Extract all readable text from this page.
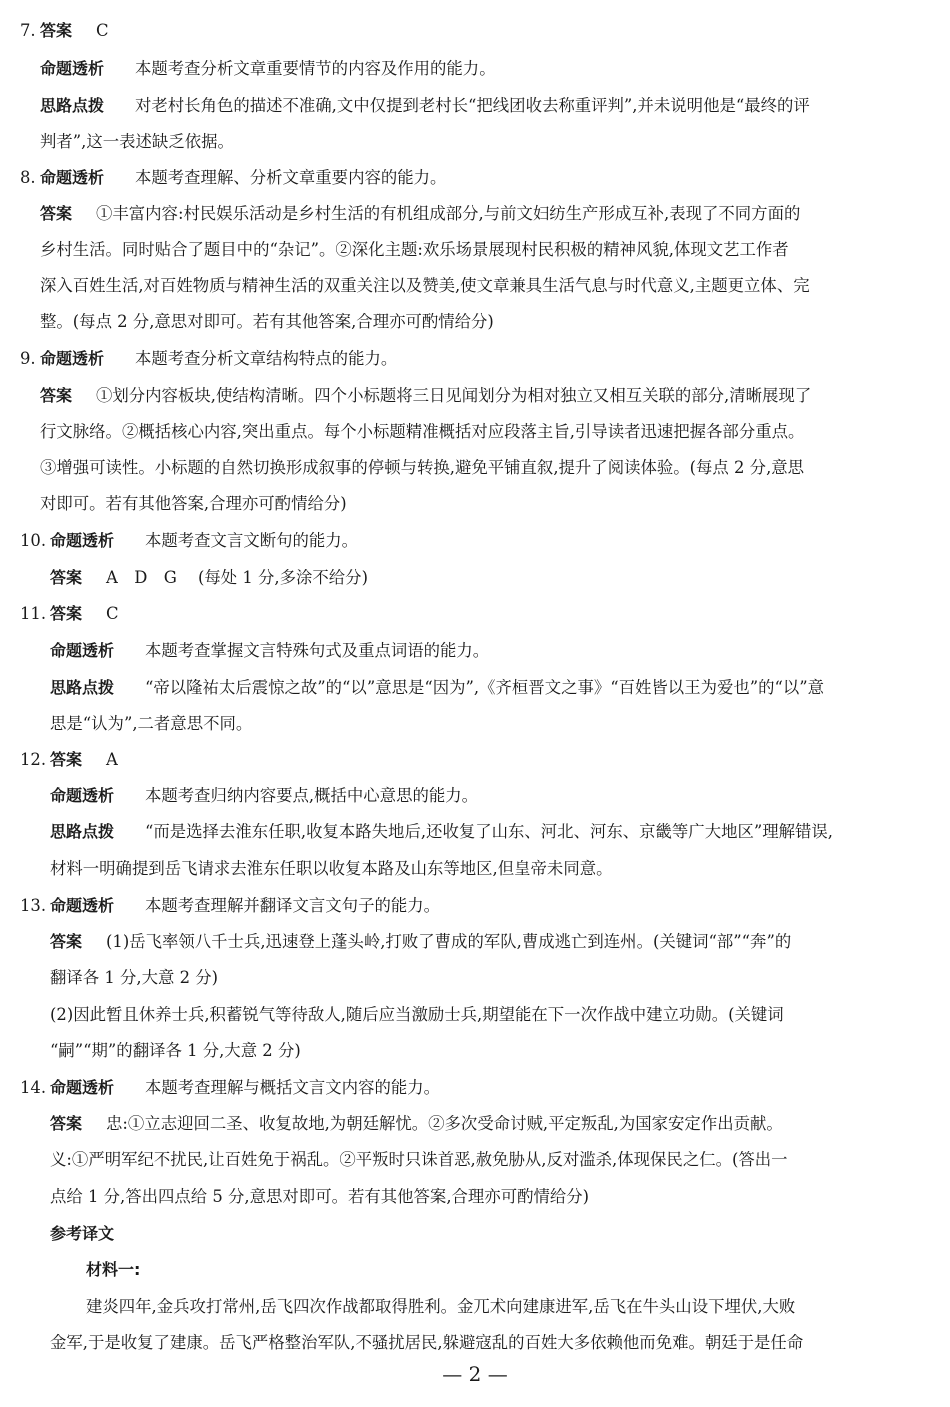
7. 答案 C
命题透析 本题考查分析文章重要情节的内容及作用的能力。
思路点拨 对老村长角色的描述不准确,文中仅提到老村长“把线团收去称重评判”,并未说明他是“最终的评
判者”,这一表述缺乏依据。
8. 命题透析 本题考查理解、分析文章重要内容的能力。
答案 ①丰富内容:村民娱乐活动是乡村生活的有机组成部分,与前文妇纺生产形成互补,表现了不同方面的
乡村生活。同时贴合了题目中的“杂记”。②深化主题:欢乐场景展现村民积极的精神风貌,体现文艺工作者
深入百姓生活,对百姓物质与精神生活的双重关注以及赞美,使文章兼具生活气息与时代意义,主题更立体、完
整。(每点 2 分,意思对即可。若有其他答案,合理亦可酌情给分)
9. 命题透析 本题考查分析文章结构特点的能力。
答案 ①划分内容板块,使结构清晰。四个小标题将三日见闻划分为相对独立又相互关联的部分,清晰展现了
行文脉络。②概括核心内容,突出重点。每个小标题精准概括对应段落主旨,引导读者迅速把握各部分重点。
③增强可读性。小标题的自然切换形成叙事的停顿与转换,避免平铺直叙,提升了阅读体验。(每点 2 分,意思
对即可。若有其他答案,合理亦可酌情给分)
10. 命题透析 本题考查文言文断句的能力。
答案 A　D　G (每处 1 分,多涂不给分)
11. 答案 C
命题透析 本题考查掌握文言特殊句式及重点词语的能力。
思路点拨 “帝以隆祐太后震惊之故”的“以”意思是“因为”,《齐桓晋文之事》“百姓皆以王为爱也”的“以”意
思是“认为”,二者意思不同。
12. 答案 A
命题透析 本题考查归纳内容要点,概括中心意思的能力。
思路点拨 “而是选择去淮东任职,收复本路失地后,还收复了山东、河北、河东、京畿等广大地区”理解错误,
材料一明确提到岳飞请求去淮东任职以收复本路及山东等地区,但皇帝未同意。
13. 命题透析 本题考查理解并翻译文言文句子的能力。
答案 (1)岳飞率领八千士兵,迅速登上蓬头岭,打败了曹成的军队,曹成逃亡到连州。(关键词“部”“奔”的
翻译各 1 分,大意 2 分)
(2)因此暂且休养士兵,积蓄锐气等待敌人,随后应当激励士兵,期望能在下一次作战中建立功勋。(关键词
“嗣”“期”的翻译各 1 分,大意 2 分)
14. 命题透析 本题考查理解与概括文言文内容的能力。
答案 忠:①立志迎回二圣、收复故地,为朝廷解忧。②多次受命讨贼,平定叛乱,为国家安定作出贡献。
义:①严明军纪不扰民,让百姓免于祸乱。②平叛时只诛首恶,赦免胁从,反对滥杀,体现保民之仁。(答出一
点给 1 分,答出四点给 5 分,意思对即可。若有其他答案,合理亦可酌情给分)
参考译文
材料一:
建炎四年,金兵攻打常州,岳飞四次作战都取得胜利。金兀术向建康进军,岳飞在牛头山设下埋伏,大败
金军,于是收复了建康。岳飞严格整治军队,不骚扰居民,躲避寇乱的百姓大多依赖他而免难。朝廷于是任命
— 2 —
